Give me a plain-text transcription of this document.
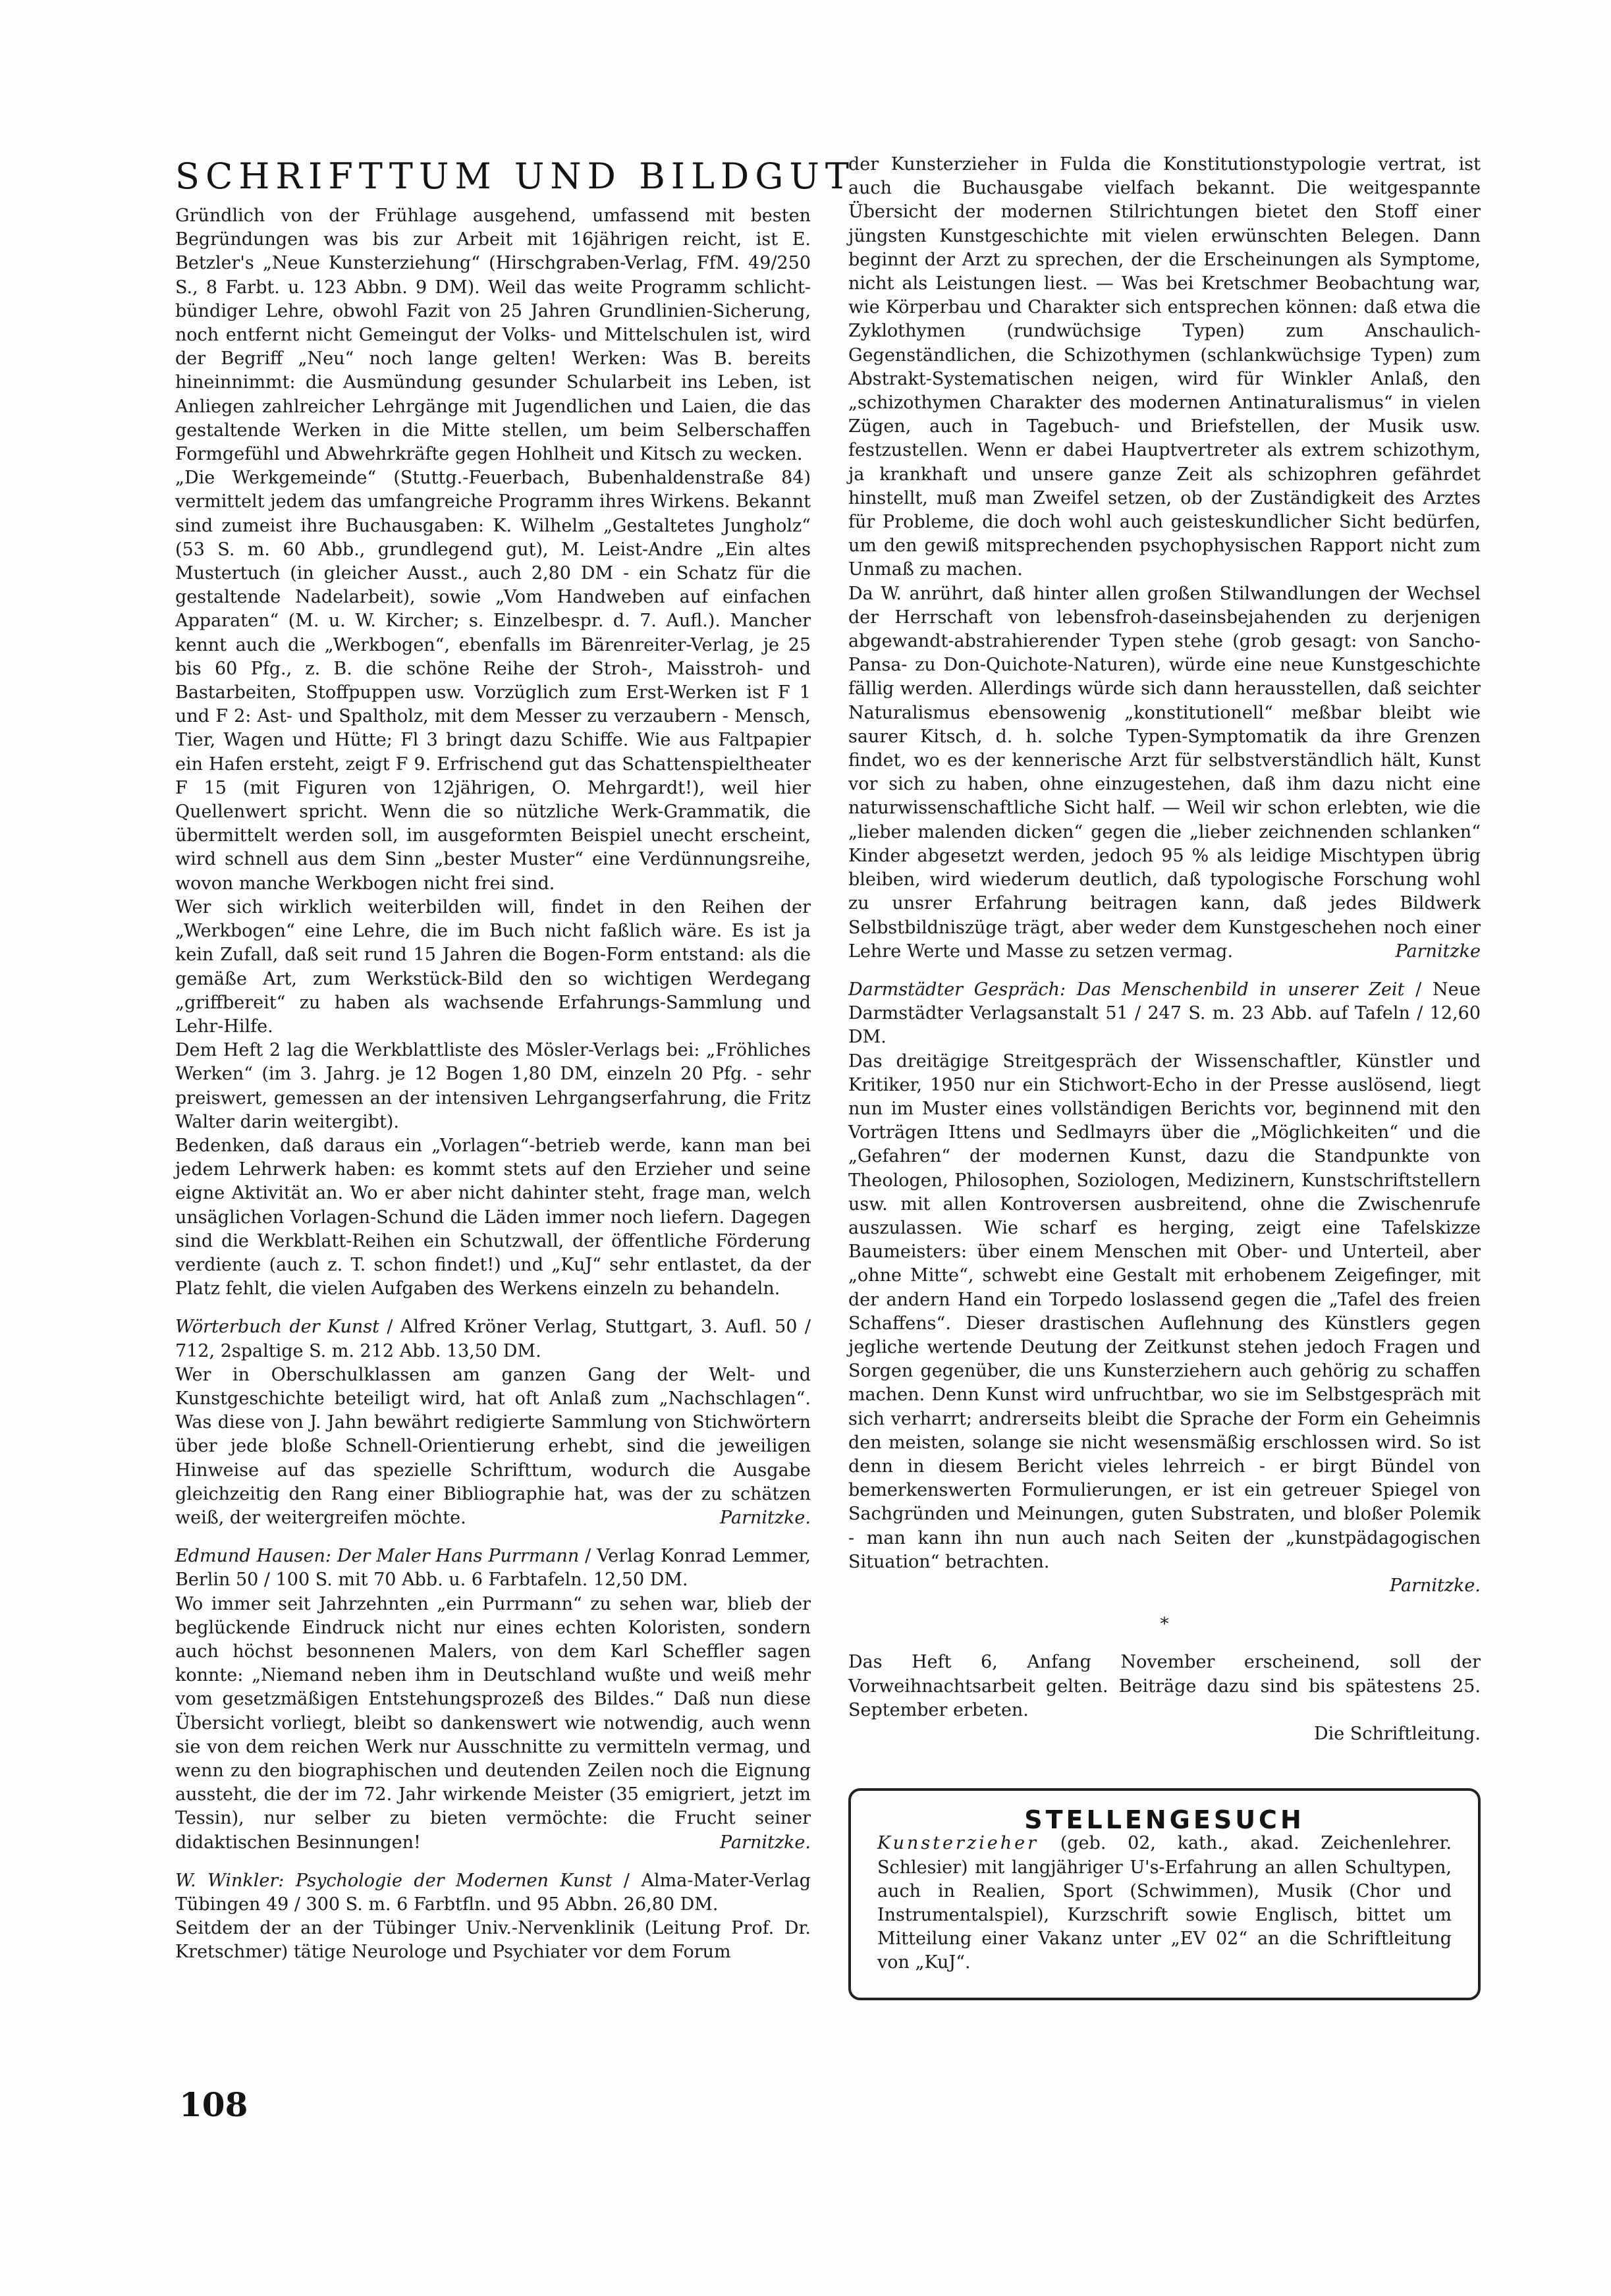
SCHRIFTTUM UND BILDGUT

Gründlich von der Frühlage ausgehend, umfassend mit besten Begründungen was bis zur Arbeit mit 16jährigen reicht, ist E. Betzler's „Neue Kunsterziehung“ (Hirschgraben-Verlag, FfM. 49/250 S., 8 Farbt. u. 123 Abbn. 9 DM). Weil das weite Programm schlicht-bündiger Lehre, obwohl Fazit von 25 Jahren Grundlinien-Sicherung, noch entfernt nicht Gemeingut der Volks- und Mittelschulen ist, wird der Begriff „Neu“ noch lange gelten! Werken: Was B. bereits hineinnimmt: die Ausmündung gesunder Schularbeit ins Leben, ist Anliegen zahlreicher Lehrgänge mit Jugendlichen und Laien, die das gestaltende Werken in die Mitte stellen, um beim Selberschaffen Formgefühl und Abwehrkräfte gegen Hohlheit und Kitsch zu wecken.

„Die Werkgemeinde“ (Stuttg.-Feuerbach, Bubenhaldenstraße 84) vermittelt jedem das umfangreiche Programm ihres Wirkens. Bekannt sind zumeist ihre Buchausgaben: K. Wilhelm „Gestaltetes Jungholz“ (53 S. m. 60 Abb., grundlegend gut), M. Leist-Andre „Ein altes Mustertuch (in gleicher Ausst., auch 2,80 DM - ein Schatz für die gestaltende Nadelarbeit), sowie „Vom Handweben auf einfachen Apparaten“ (M. u. W. Kircher; s. Einzelbespr. d. 7. Aufl.). Mancher kennt auch die „Werkbogen“, ebenfalls im Bärenreiter-Verlag, je 25 bis 60 Pfg., z. B. die schöne Reihe der Stroh-, Maisstroh- und Bastarbeiten, Stoffpuppen usw. Vorzüglich zum Erst-Werken ist F 1 und F 2: Ast- und Spaltholz, mit dem Messer zu verzaubern - Mensch, Tier, Wagen und Hütte; Fl 3 bringt dazu Schiffe. Wie aus Faltpapier ein Hafen ersteht, zeigt F 9. Erfrischend gut das Schattenspieltheater F 15 (mit Figuren von 12jährigen, O. Mehrgardt!), weil hier Quellenwert spricht. Wenn die so nützliche Werk-Grammatik, die übermittelt werden soll, im ausgeformten Beispiel unecht erscheint, wird schnell aus dem Sinn „bester Muster“ eine Verdünnungsreihe, wovon manche Werkbogen nicht frei sind.

Wer sich wirklich weiterbilden will, findet in den Reihen der „Werkbogen“ eine Lehre, die im Buch nicht faßlich wäre. Es ist ja kein Zufall, daß seit rund 15 Jahren die Bogen-Form entstand: als die gemäße Art, zum Werkstück-Bild den so wichtigen Werdegang „griffbereit“ zu haben als wachsende Erfahrungs-Sammlung und Lehr-Hilfe.

Dem Heft 2 lag die Werkblattliste des Mösler-Verlags bei: „Fröhliches Werken“ (im 3. Jahrg. je 12 Bogen 1,80 DM, einzeln 20 Pfg. - sehr preiswert, gemessen an der intensiven Lehrgangserfahrung, die Fritz Walter darin weitergibt).

Bedenken, daß daraus ein „Vorlagen“-betrieb werde, kann man bei jedem Lehrwerk haben: es kommt stets auf den Erzieher und seine eigne Aktivität an. Wo er aber nicht dahinter steht, frage man, welch unsäglichen Vorlagen-Schund die Läden immer noch liefern. Dagegen sind die Werkblatt-Reihen ein Schutzwall, der öffentliche Förderung verdiente (auch z. T. schon findet!) und „KuJ“ sehr entlastet, da der Platz fehlt, die vielen Aufgaben des Werkens einzeln zu behandeln.

Wörterbuch der Kunst / Alfred Kröner Verlag, Stuttgart, 3. Aufl. 50 / 712, 2spaltige S. m. 212 Abb. 13,50 DM.

Wer in Oberschulklassen am ganzen Gang der Welt- und Kunstgeschichte beteiligt wird, hat oft Anlaß zum „Nachschlagen“. Was diese von J. Jahn bewährt redigierte Sammlung von Stichwörtern über jede bloße Schnell-Orientierung erhebt, sind die jeweiligen Hinweise auf das spezielle Schrifttum, wodurch die Ausgabe gleichzeitig den Rang einer Bibliographie hat, was der zu schätzen weiß, der weitergreifen möchte.	Parnitzke.

Edmund Hausen: Der Maler Hans Purrmann / Verlag Konrad Lemmer, Berlin 50 / 100 S. mit 70 Abb. u. 6 Farbtafeln. 12,50 DM.

Wo immer seit Jahrzehnten „ein Purrmann“ zu sehen war, blieb der beglückende Eindruck nicht nur eines echten Koloristen, sondern auch höchst besonnenen Malers, von dem Karl Scheffler sagen konnte: „Niemand neben ihm in Deutschland wußte und weiß mehr vom gesetzmäßigen Entstehungsprozeß des Bildes.“ Daß nun diese Übersicht vorliegt, bleibt so dankenswert wie notwendig, auch wenn sie von dem reichen Werk nur Ausschnitte zu vermitteln vermag, und wenn zu den biographischen und deutenden Zeilen noch die Eignung aussteht, die der im 72. Jahr wirkende Meister (35 emigriert, jetzt im Tessin), nur selber zu bieten vermöchte: die Frucht seiner didaktischen Besinnungen!	Parnitzke.

W. Winkler: Psychologie der Modernen Kunst / Alma-Mater-Verlag Tübingen 49 / 300 S. m. 6 Farbtfln. und 95 Abbn. 26,80 DM.

Seitdem der an der Tübinger Univ.-Nervenklinik (Leitung Prof. Dr. Kretschmer) tätige Neurologe und Psychiater vor dem Forum

der Kunsterzieher in Fulda die Konstitutionstypologie vertrat, ist auch die Buchausgabe vielfach bekannt. Die weitgespannte Übersicht der modernen Stilrichtungen bietet den Stoff einer jüngsten Kunstgeschichte mit vielen erwünschten Belegen. Dann beginnt der Arzt zu sprechen, der die Erscheinungen als Symptome, nicht als Leistungen liest. — Was bei Kretschmer Beobachtung war, wie Körperbau und Charakter sich entsprechen können: daß etwa die Zyklothymen (rundwüchsige Typen) zum Anschaulich-Gegenständlichen, die Schizothymen (schlankwüchsige Typen) zum Abstrakt-Systematischen neigen, wird für Winkler Anlaß, den „schizothymen Charakter des modernen Antinaturalismus“ in vielen Zügen, auch in Tagebuch- und Briefstellen, der Musik usw. festzustellen. Wenn er dabei Hauptvertreter als extrem schizothym, ja krankhaft und unsere ganze Zeit als schizophren gefährdet hinstellt, muß man Zweifel setzen, ob der Zuständigkeit des Arztes für Probleme, die doch wohl auch geisteskundlicher Sicht bedürfen, um den gewiß mitsprechenden psychophysischen Rapport nicht zum Unmaß zu machen.

Da W. anrührt, daß hinter allen großen Stilwandlungen der Wechsel der Herrschaft von lebensfroh-daseinsbejahenden zu derjenigen abgewandt-abstrahierender Typen stehe (grob gesagt: von Sancho-Pansa- zu Don-Quichote-Naturen), würde eine neue Kunstgeschichte fällig werden. Allerdings würde sich dann herausstellen, daß seichter Naturalismus ebensowenig „konstitutionell“ meßbar bleibt wie saurer Kitsch, d. h. solche Typen-Symptomatik da ihre Grenzen findet, wo es der kennerische Arzt für selbstverständlich hält, Kunst vor sich zu haben, ohne einzugestehen, daß ihm dazu nicht eine naturwissenschaftliche Sicht half. — Weil wir schon erlebten, wie die „lieber malenden dicken“ gegen die „lieber zeichnenden schlanken“ Kinder abgesetzt werden, jedoch 95 % als leidige Mischtypen übrig bleiben, wird wiederum deutlich, daß typologische Forschung wohl zu unsrer Erfahrung beitragen kann, daß jedes Bildwerk Selbstbildniszüge trägt, aber weder dem Kunstgeschehen noch einer Lehre Werte und Masse zu setzen vermag.	Parnitzke

Darmstädter Gespräch: Das Menschenbild in unserer Zeit / Neue Darmstädter Verlagsanstalt 51 / 247 S. m. 23 Abb. auf Tafeln / 12,60 DM.

Das dreitägige Streitgespräch der Wissenschaftler, Künstler und Kritiker, 1950 nur ein Stichwort-Echo in der Presse auslösend, liegt nun im Muster eines vollständigen Berichts vor, beginnend mit den Vorträgen Ittens und Sedlmayrs über die „Möglichkeiten“ und die „Gefahren“ der modernen Kunst, dazu die Standpunkte von Theologen, Philosophen, Soziologen, Medizinern, Kunstschriftstellern usw. mit allen Kontroversen ausbreitend, ohne die Zwischenrufe auszulassen. Wie scharf es herging, zeigt eine Tafelskizze Baumeisters: über einem Menschen mit Ober- und Unterteil, aber „ohne Mitte“, schwebt eine Gestalt mit erhobenem Zeigefinger, mit der andern Hand ein Torpedo loslassend gegen die „Tafel des freien Schaffens“. Dieser drastischen Auflehnung des Künstlers gegen jegliche wertende Deutung der Zeitkunst stehen jedoch Fragen und Sorgen gegenüber, die uns Kunsterziehern auch gehörig zu schaffen machen. Denn Kunst wird unfruchtbar, wo sie im Selbstgespräch mit sich verharrt; andrerseits bleibt die Sprache der Form ein Geheimnis den meisten, solange sie nicht wesensmäßig erschlossen wird. So ist denn in diesem Bericht vieles lehrreich - er birgt Bündel von bemerkenswerten Formulierungen, er ist ein getreuer Spiegel von Sachgründen und Meinungen, guten Substraten, und bloßer Polemik - man kann ihn nun auch nach Seiten der „kunstpädagogischen Situation“ betrachten.

Parnitzke.

*

Das Heft 6, Anfang November erscheinend, soll der Vorweihnachtsarbeit gelten. Beiträge dazu sind bis spätestens 25. September erbeten.

Die Schriftleitung.

STELLENGESUCH

Kunsterzieher (geb. 02, kath., akad. Zeichenlehrer. Schlesier) mit langjähriger U's-Erfahrung an allen Schultypen, auch in Realien, Sport (Schwimmen), Musik (Chor und Instrumentalspiel), Kurzschrift sowie Englisch, bittet um Mitteilung einer Vakanz unter „EV 02“ an die Schriftleitung von „KuJ“.

108
